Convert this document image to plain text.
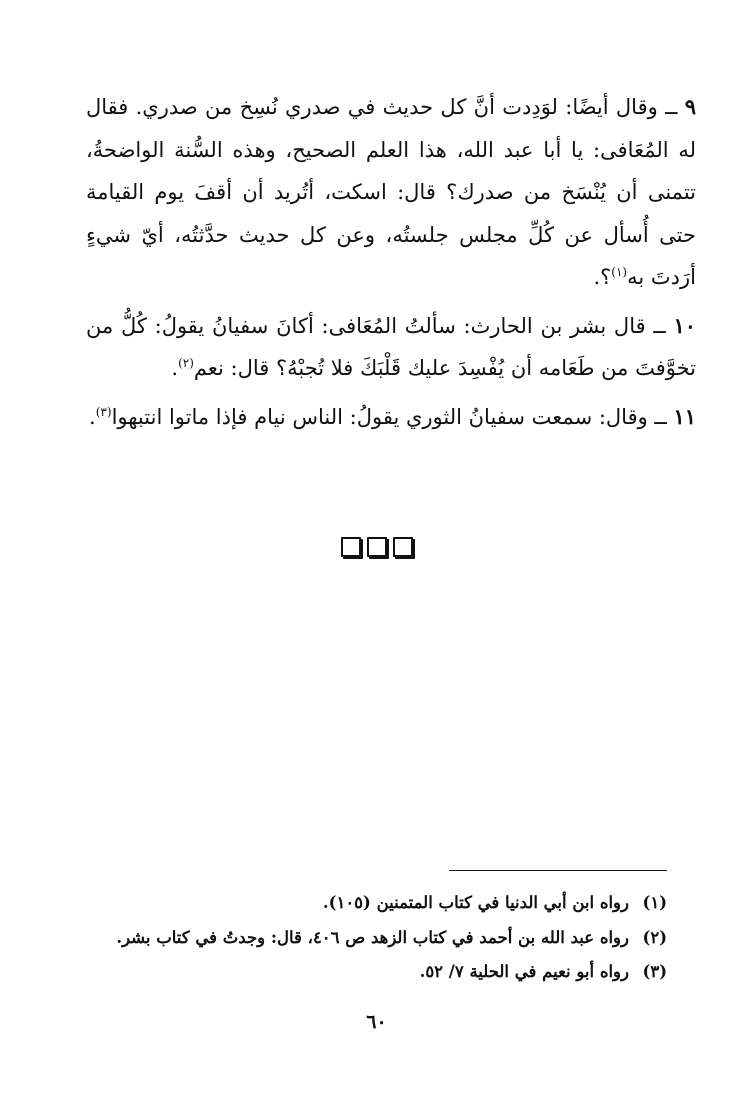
٩ ــ وقال أيضًا: لوَدِدت أنَّ كل حديث في صدري نُسِخ من صدري. فقال له المُعَافى: يا أبا عبد الله، هذا العلم الصحيح، وهذه السُّنة الواضحةُ، تتمنى أن يُنْسَخ من صدرك؟ قال: اسكت، أتُريد أن أقفَ يوم القيامة حتى أُسأل عن كُلِّ مجلس جلستُه، وعن كل حديث حدَّثتُه، أيّ شيءٍ أرَدتَ به$^{(١)}$؟.

١٠ ــ قال بشر بن الحارث: سألتُ المُعَافى: أكانَ سفيانُ يقولُ: كُلُّ من تخوَّفتَ من طَعَامه أن يُفْسِدَ عليك قَلْبَكَ فلا تُجبْهُ؟ قال: نعم$^{(٢)}$.

١١ ــ وقال: سمعت سفيانُ الثوري يقولُ: الناس نيام فإذا ماتوا انتبهوا$^{(٣)}$.

(١)رواه ابن أبي الدنيا في كتاب المتمنين (١٠٥).

(٢)رواه عبد الله بن أحمد في كتاب الزهد ص ٤٠٦، قال: وجدتُ في كتاب بشر.

(٣)رواه أبو نعيم في الحلية ٧/ ٥٢.

٦٠
